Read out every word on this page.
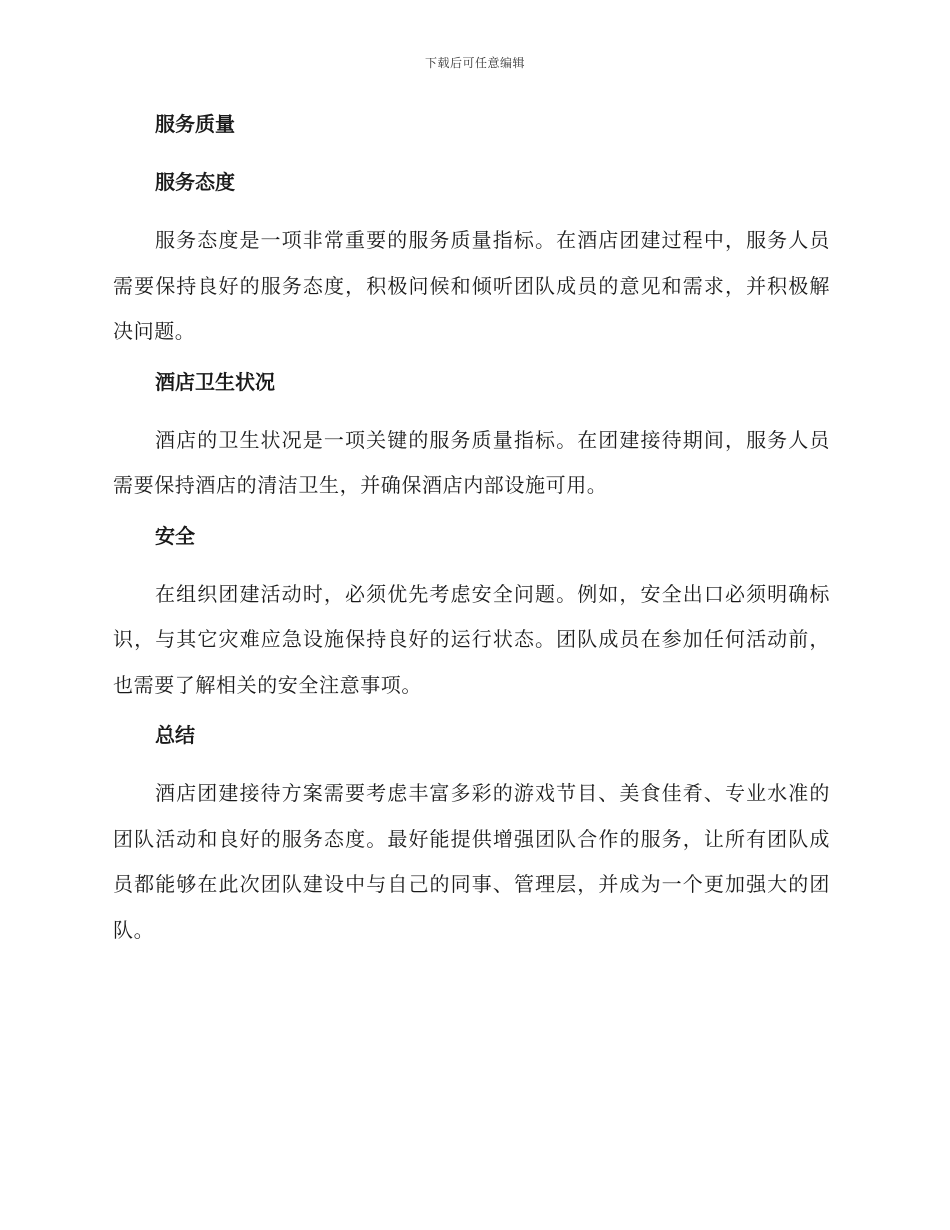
下载后可任意编辑
服务质量
服务态度

服务态度是一项非常重要的服务质量指标。在酒店团建过程中，服务人员需要保持良好的服务态度，积极问候和倾听团队成员的意见和需求，并积极解决问题。

酒店卫生状况

酒店的卫生状况是一项关键的服务质量指标。在团建接待期间，服务人员需要保持酒店的清洁卫生，并确保酒店内部设施可用。

安全

在组织团建活动时，必须优先考虑安全问题。例如，安全出口必须明确标识，与其它灾难应急设施保持良好的运行状态。团队成员在参加任何活动前，也需要了解相关的安全注意事项。

总结

酒店团建接待方案需要考虑丰富多彩的游戏节目、美食佳肴、专业水准的团队活动和良好的服务态度。最好能提供增强团队合作的服务，让所有团队成员都能够在此次团队建设中与自己的同事、管理层，并成为一个更加强大的团队。
